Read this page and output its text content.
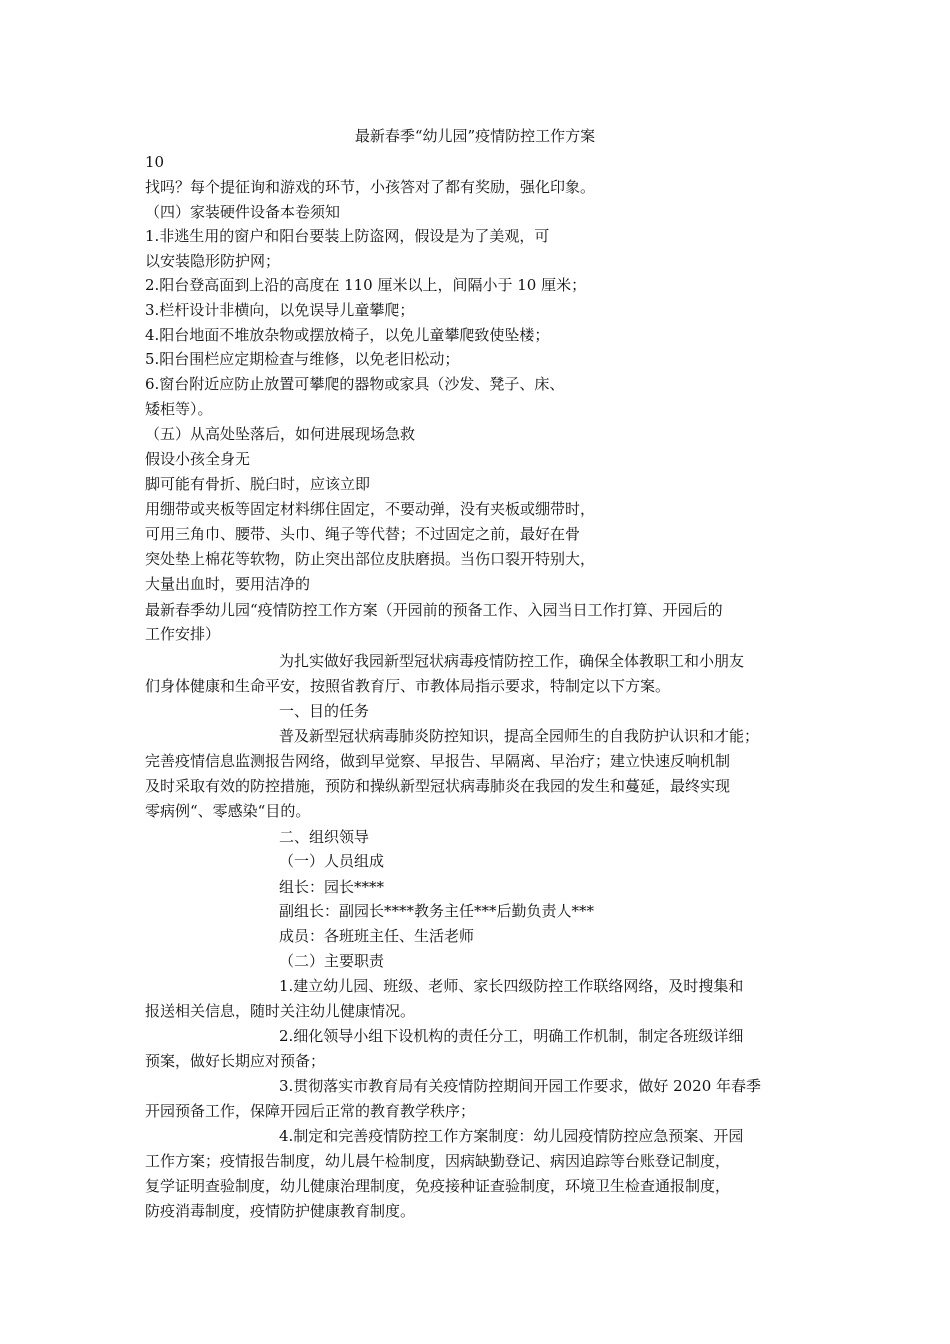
最新春季“幼儿园”疫情防控工作方案
10
找吗？每个提征询和游戏的环节，小孩答对了都有奖励，强化印象。
（四）家装硬件设备本卷须知
1.非逃生用的窗户和阳台要装上防盗网，假设是为了美观，可
以安装隐形防护网；
2.阳台登高面到上沿的高度在 110 厘米以上，间隔小于 10 厘米；
3.栏杆设计非横向，以免误导儿童攀爬；
4.阳台地面不堆放杂物或摆放椅子，以免儿童攀爬致使坠楼；
5.阳台围栏应定期检查与维修，以免老旧松动；
6.窗台附近应防止放置可攀爬的器物或家具（沙发、凳子、床、
矮柜等）。
（五）从高处坠落后，如何进展现场急救
假设小孩全身无
脚可能有骨折、脱臼时，应该立即
用绷带或夹板等固定材料绑住固定，不要动弹，没有夹板或绷带时，
可用三角巾、腰带、头巾、绳子等代替；不过固定之前，最好在骨
突处垫上棉花等软物，防止突出部位皮肤磨损。当伤口裂开特别大，
大量出血时，要用洁净的
最新春季幼儿园“疫情防控工作方案（开园前的预备工作、入园当日工作打算、开园后的
工作安排）
为扎实做好我园新型冠状病毒疫情防控工作，确保全体教职工和小朋友
们身体健康和生命平安，按照省教育厅、市教体局指示要求，特制定以下方案。
一、目的任务
普及新型冠状病毒肺炎防控知识，提高全园师生的自我防护认识和才能；
完善疫情信息监测报告网络，做到早觉察、早报告、早隔离、早治疗；建立快速反响机制
及时采取有效的防控措施，预防和操纵新型冠状病毒肺炎在我园的发生和蔓延，最终实现
零病例“、零感染“目的。
二、组织领导
（一）人员组成
组长：园长****
副组长：副园长****教务主任***后勤负责人***
成员：各班班主任、生活老师
（二）主要职责
1.建立幼儿园、班级、老师、家长四级防控工作联络网络，及时搜集和
报送相关信息，随时关注幼儿健康情况。
2.细化领导小组下设机构的责任分工，明确工作机制，制定各班级详细
预案，做好长期应对预备；
3.贯彻落实市教育局有关疫情防控期间开园工作要求，做好 2020 年春季
开园预备工作，保障开园后正常的教育教学秩序；
4.制定和完善疫情防控工作方案制度：幼儿园疫情防控应急预案、开园
工作方案；疫情报告制度，幼儿晨午检制度，因病缺勤登记、病因追踪等台账登记制度，
复学证明查验制度，幼儿健康治理制度，免疫接种证查验制度，环境卫生检查通报制度，
防疫消毒制度，疫情防护健康教育制度。
